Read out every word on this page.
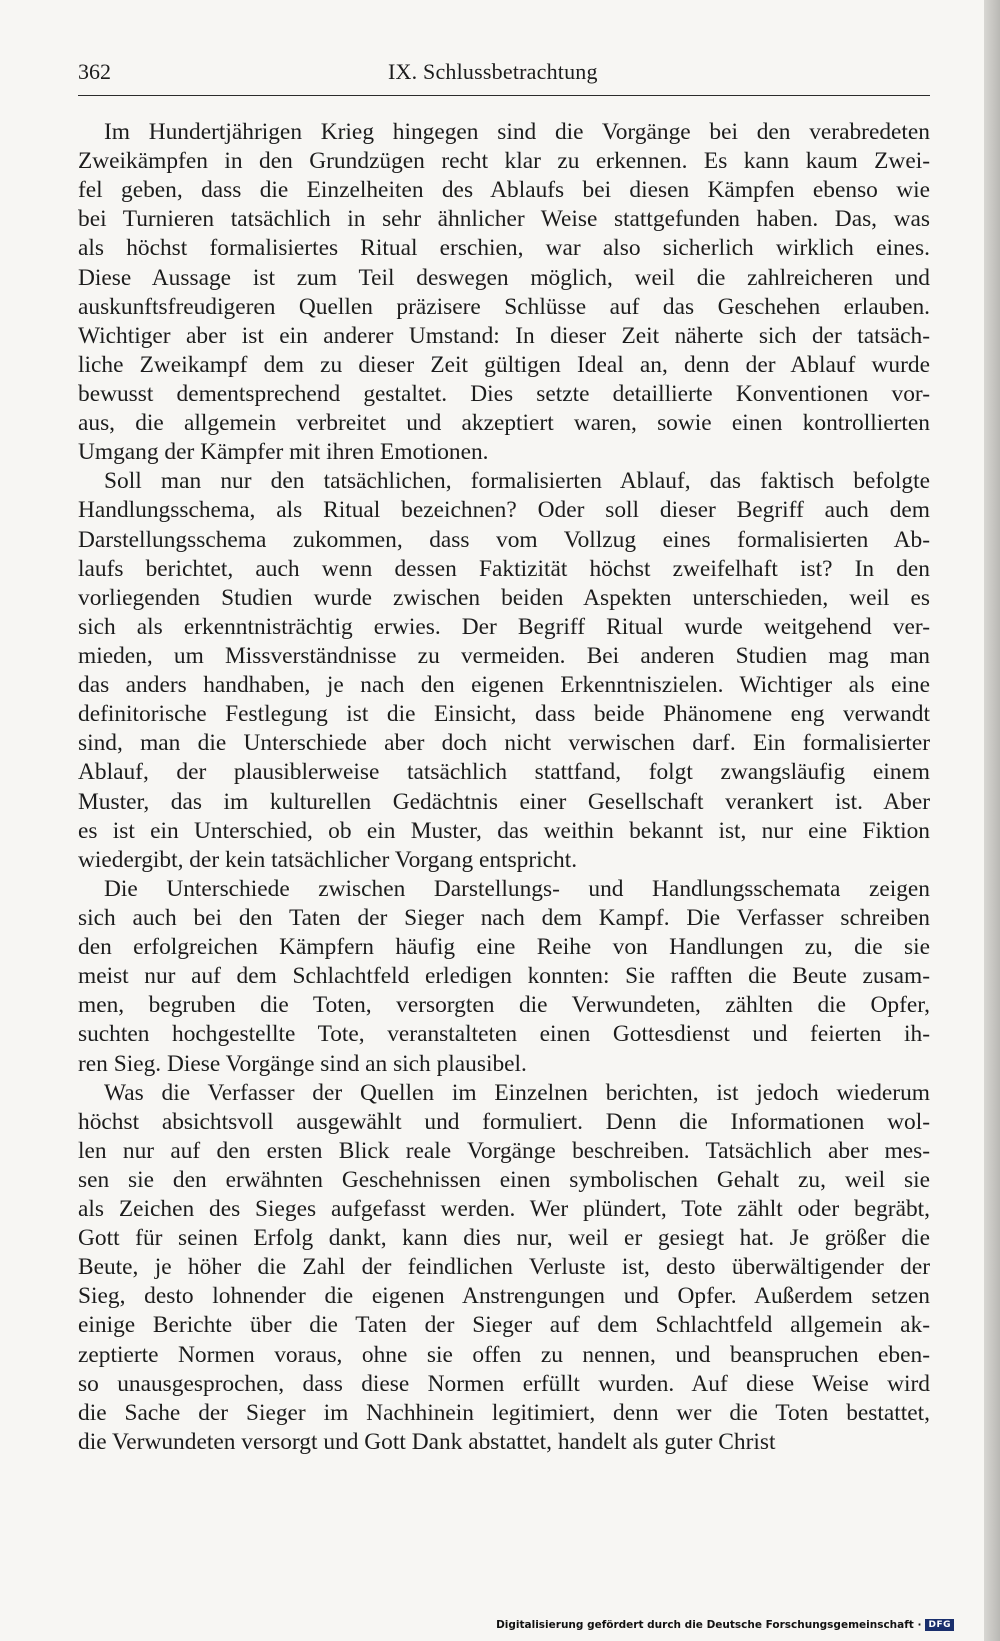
362	IX. Schlussbetrachtung
Im Hundertjährigen Krieg hingegen sind die Vorgänge bei den verabredeten
Zweikämpfen in den Grundzügen recht klar zu erkennen. Es kann kaum Zwei-
fel geben, dass die Einzelheiten des Ablaufs bei diesen Kämpfen ebenso wie
bei Turnieren tatsächlich in sehr ähnlicher Weise stattgefunden haben. Das, was
als höchst formalisiertes Ritual erschien, war also sicherlich wirklich eines.
Diese Aussage ist zum Teil deswegen möglich, weil die zahlreicheren und
auskunftsfreudigeren Quellen präzisere Schlüsse auf das Geschehen erlauben.
Wichtiger aber ist ein anderer Umstand: In dieser Zeit näherte sich der tatsäch-
liche Zweikampf dem zu dieser Zeit gültigen Ideal an, denn der Ablauf wurde
bewusst dementsprechend gestaltet. Dies setzte detaillierte Konventionen vor-
aus, die allgemein verbreitet und akzeptiert waren, sowie einen kontrollierten
Umgang der Kämpfer mit ihren Emotionen.
Soll man nur den tatsächlichen, formalisierten Ablauf, das faktisch befolgte
Handlungsschema, als Ritual bezeichnen? Oder soll dieser Begriff auch dem
Darstellungsschema zukommen, dass vom Vollzug eines formalisierten Ab-
laufs berichtet, auch wenn dessen Faktizität höchst zweifelhaft ist? In den
vorliegenden Studien wurde zwischen beiden Aspekten unterschieden, weil es
sich als erkenntnisträchtig erwies. Der Begriff Ritual wurde weitgehend ver-
mieden, um Missverständnisse zu vermeiden. Bei anderen Studien mag man
das anders handhaben, je nach den eigenen Erkenntniszielen. Wichtiger als eine
definitorische Festlegung ist die Einsicht, dass beide Phänomene eng verwandt
sind, man die Unterschiede aber doch nicht verwischen darf. Ein formalisierter
Ablauf, der plausiblerweise tatsächlich stattfand, folgt zwangsläufig einem
Muster, das im kulturellen Gedächtnis einer Gesellschaft verankert ist. Aber
es ist ein Unterschied, ob ein Muster, das weithin bekannt ist, nur eine Fiktion
wiedergibt, der kein tatsächlicher Vorgang entspricht.
Die Unterschiede zwischen Darstellungs- und Handlungsschemata zeigen
sich auch bei den Taten der Sieger nach dem Kampf. Die Verfasser schreiben
den erfolgreichen Kämpfern häufig eine Reihe von Handlungen zu, die sie
meist nur auf dem Schlachtfeld erledigen konnten: Sie rafften die Beute zusam-
men, begruben die Toten, versorgten die Verwundeten, zählten die Opfer,
suchten hochgestellte Tote, veranstalteten einen Gottesdienst und feierten ih-
ren Sieg. Diese Vorgänge sind an sich plausibel.
Was die Verfasser der Quellen im Einzelnen berichten, ist jedoch wiederum
höchst absichtsvoll ausgewählt und formuliert. Denn die Informationen wol-
len nur auf den ersten Blick reale Vorgänge beschreiben. Tatsächlich aber mes-
sen sie den erwähnten Geschehnissen einen symbolischen Gehalt zu, weil sie
als Zeichen des Sieges aufgefasst werden. Wer plündert, Tote zählt oder begräbt,
Gott für seinen Erfolg dankt, kann dies nur, weil er gesiegt hat. Je größer die
Beute, je höher die Zahl der feindlichen Verluste ist, desto überwältigender der
Sieg, desto lohnender die eigenen Anstrengungen und Opfer. Außerdem setzen
einige Berichte über die Taten der Sieger auf dem Schlachtfeld allgemein ak-
zeptierte Normen voraus, ohne sie offen zu nennen, und beanspruchen eben-
so unausgesprochen, dass diese Normen erfüllt wurden. Auf diese Weise wird
die Sache der Sieger im Nachhinein legitimiert, denn wer die Toten bestattet,
die Verwundeten versorgt und Gott Dank abstattet, handelt als guter Christ
Digitalisierung gefördert durch die Deutsche Forschungsgemeinschaft · DFG
